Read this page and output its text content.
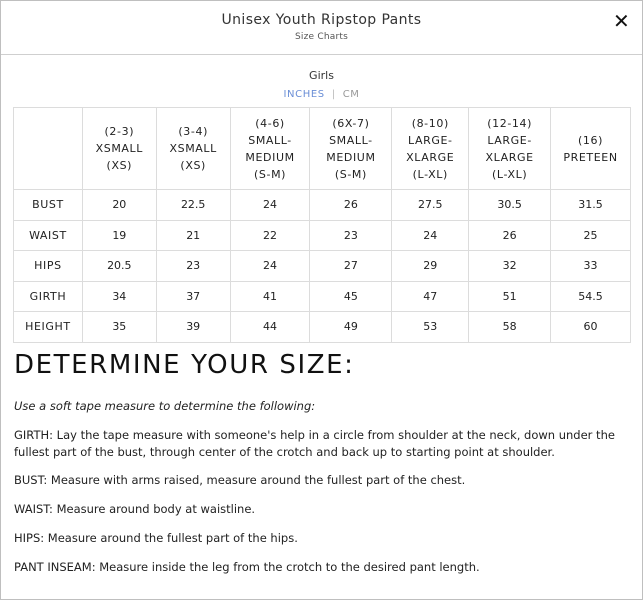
Unisex Youth Ripstop Pants
Size Charts
✕
Girls
INCHES | CM
	(2-3)
XSMALL
(XS)	(3-4)
XSMALL
(XS)	(4-6)
SMALL-
MEDIUM
(S-M)	(6X-7)
SMALL-
MEDIUM
(S-M)	(8-10)
LARGE-
XLARGE
(L-XL)	(12-14)
LARGE-
XLARGE
(L-XL)	(16)
PRETEEN
BUST	20	22.5	24	26	27.5	30.5	31.5
WAIST	19	21	22	23	24	26	25
HIPS	20.5	23	24	27	29	32	33
GIRTH	34	37	41	45	47	51	54.5
HEIGHT	35	39	44	49	53	58	60
DETERMINE YOUR SIZE:
Use a soft tape measure to determine the following:
GIRTH: Lay the tape measure with someone's help in a circle from shoulder at the neck, down under the fullest part of the bust, through center of the crotch and back up to starting point at shoulder.
BUST: Measure with arms raised, measure around the fullest part of the chest.
WAIST: Measure around body at waistline.
HIPS: Measure around the fullest part of the hips.
PANT INSEAM: Measure inside the leg from the crotch to the desired pant length.
